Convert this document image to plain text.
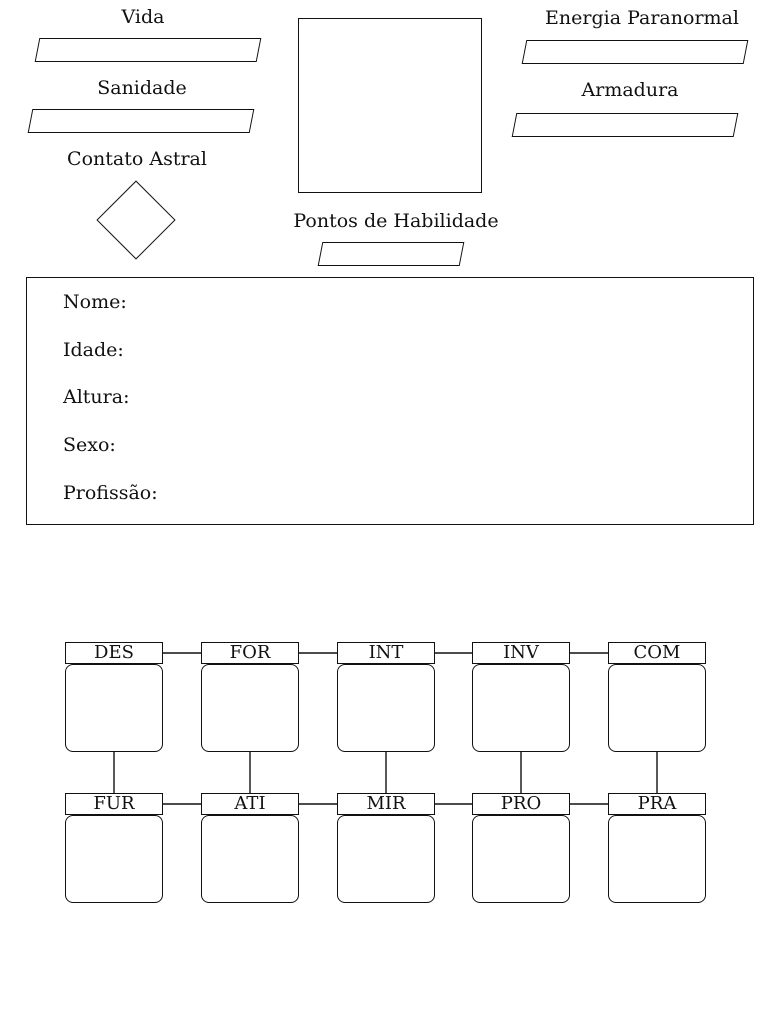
Vida
Sanidade
Contato Astral
Energia Paranormal
Armadura
Pontos de Habilidade
Nome:
Idade:
Altura:
Sexo:
Profissão:
DES	FOR	INT	INV	COM
FUR	ATI	MIR	PRO	PRA
